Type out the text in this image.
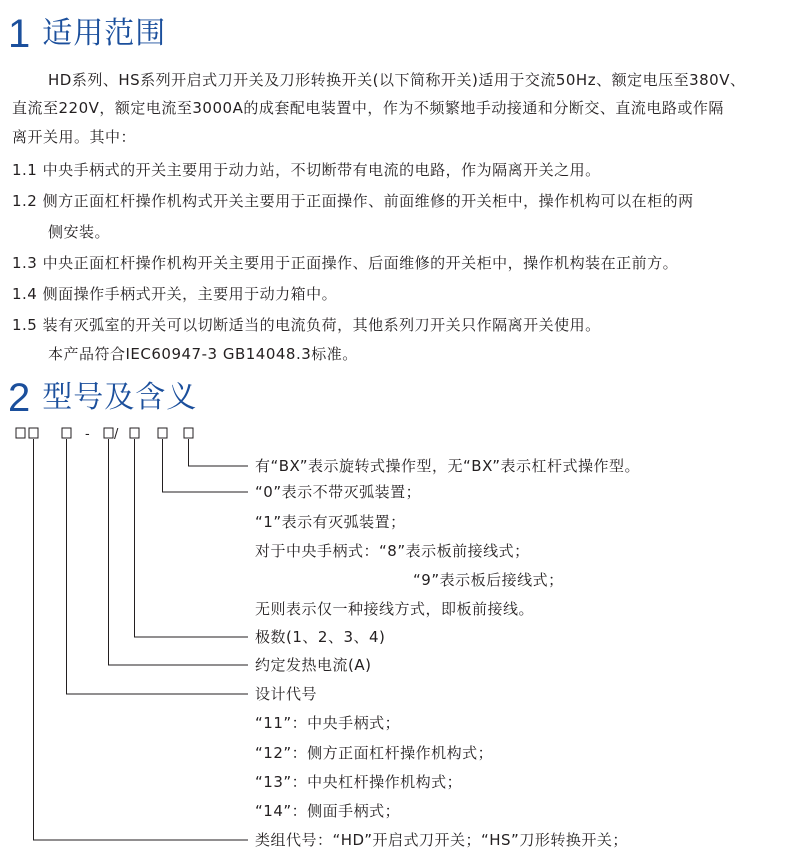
1 适用范围
HD系列、HS系列开启式刀开关及刀形转换开关(以下简称开关)适用于交流50Hz、额定电压至380V、
直流至220V，额定电流至3000A的成套配电装置中，作为不频繁地手动接通和分断交、直流电路或作隔
离开关用。其中：
1.1 中央手柄式的开关主要用于动力站，不切断带有电流的电路，作为隔离开关之用。
1.2 侧方正面杠杆操作机构式开关主要用于正面操作、前面维修的开关柜中，操作机构可以在柜的两
侧安装。
1.3 中央正面杠杆操作机构开关主要用于正面操作、后面维修的开关柜中，操作机构装在正前方。
1.4 侧面操作手柄式开关，主要用于动力箱中。
1.5 装有灭弧室的开关可以切断适当的电流负荷，其他系列刀开关只作隔离开关使用。
本产品符合IEC60947-3 GB14048.3标准。
2 型号及含义
- /
有“BX”表示旋转式操作型，无“BX”表示杠杆式操作型。
“0”表示不带灭弧装置；
“1”表示有灭弧装置；
对于中央手柄式：“8”表示板前接线式；
“9”表示板后接线式；
无则表示仅一种接线方式，即板前接线。
极数(1、2、3、4)
约定发热电流(A)
设计代号
“11”：中央手柄式；
“12”：侧方正面杠杆操作机构式；
“13”：中央杠杆操作机构式；
“14”：侧面手柄式；
类组代号：“HD”开启式刀开关；“HS”刀形转换开关；
